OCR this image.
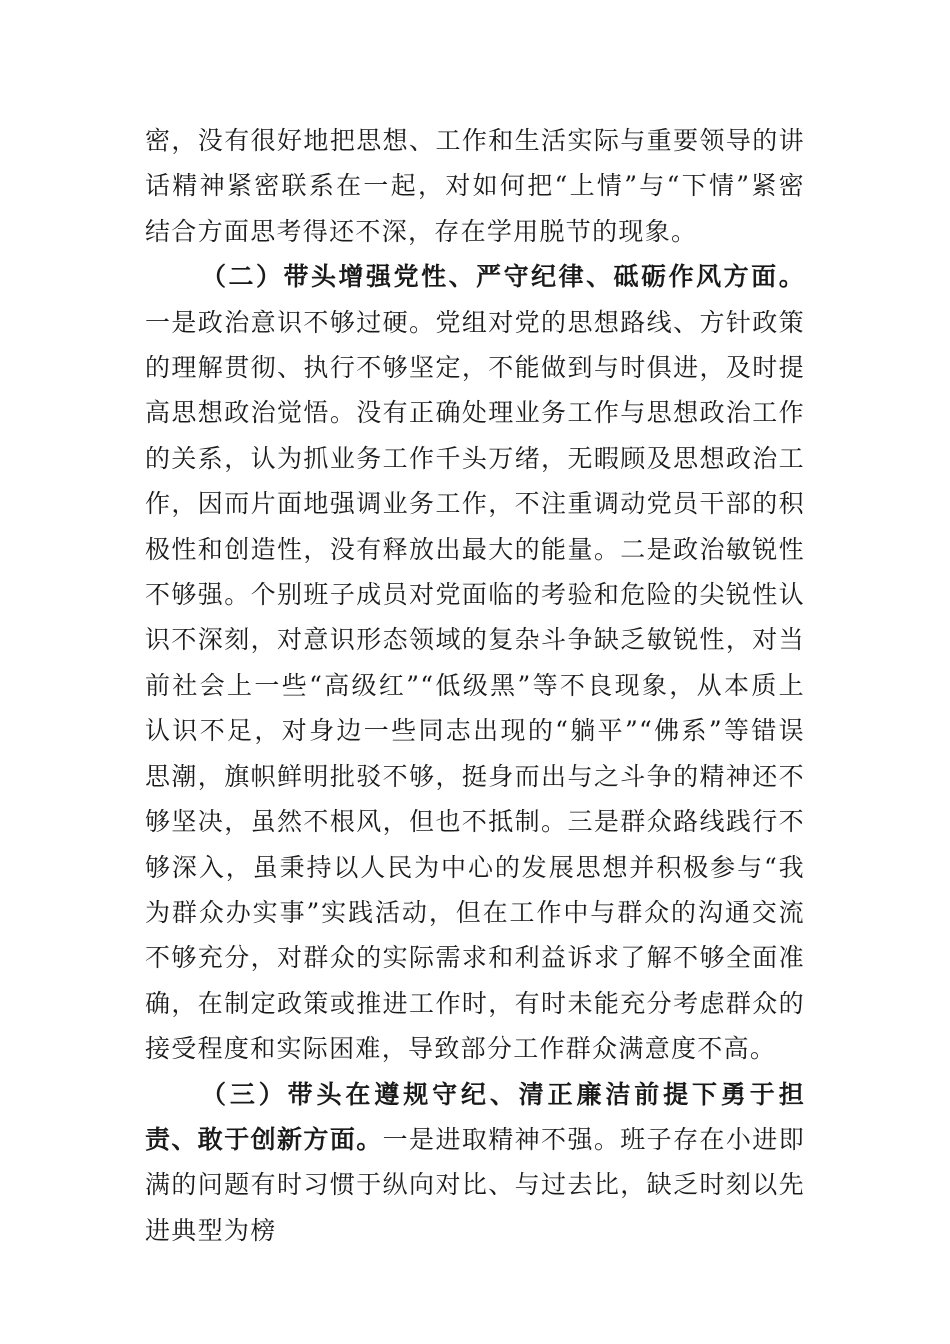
密，没有很好地把思想、工作和生活实际与重要领导的讲话精神紧密联系在一起，对如何把“上情”与“下情”紧密结合方面思考得还不深，存在学用脱节的现象。

（二）带头增强党性、严守纪律、砥砺作风方面。一是政治意识不够过硬。党组对党的思想路线、方针政策的理解贯彻、执行不够坚定，不能做到与时俱进，及时提高思想政治觉悟。没有正确处理业务工作与思想政治工作的关系，认为抓业务工作千头万绪，无暇顾及思想政治工作，因而片面地强调业务工作，不注重调动党员干部的积极性和创造性，没有释放出最大的能量。二是政治敏锐性不够强。个别班子成员对党面临的考验和危险的尖锐性认识不深刻，对意识形态领域的复杂斗争缺乏敏锐性，对当前社会上一些“高级红”“低级黑”等不良现象，从本质上认识不足，对身边一些同志出现的“躺平”“佛系”等错误思潮，旗帜鲜明批驳不够，挺身而出与之斗争的精神还不够坚决，虽然不根风，但也不抵制。三是群众路线践行不够深入，虽秉持以人民为中心的发展思想并积极参与“我为群众办实事”实践活动，但在工作中与群众的沟通交流不够充分，对群众的实际需求和利益诉求了解不够全面准确，在制定政策或推进工作时，有时未能充分考虑群众的接受程度和实际困难，导致部分工作群众满意度不高。

（三）带头在遵规守纪、清正廉洁前提下勇于担责、敢于创新方面。一是进取精神不强。班子存在小进即满的问题有时习惯于纵向对比、与过去比，缺乏时刻以先进典型为榜
